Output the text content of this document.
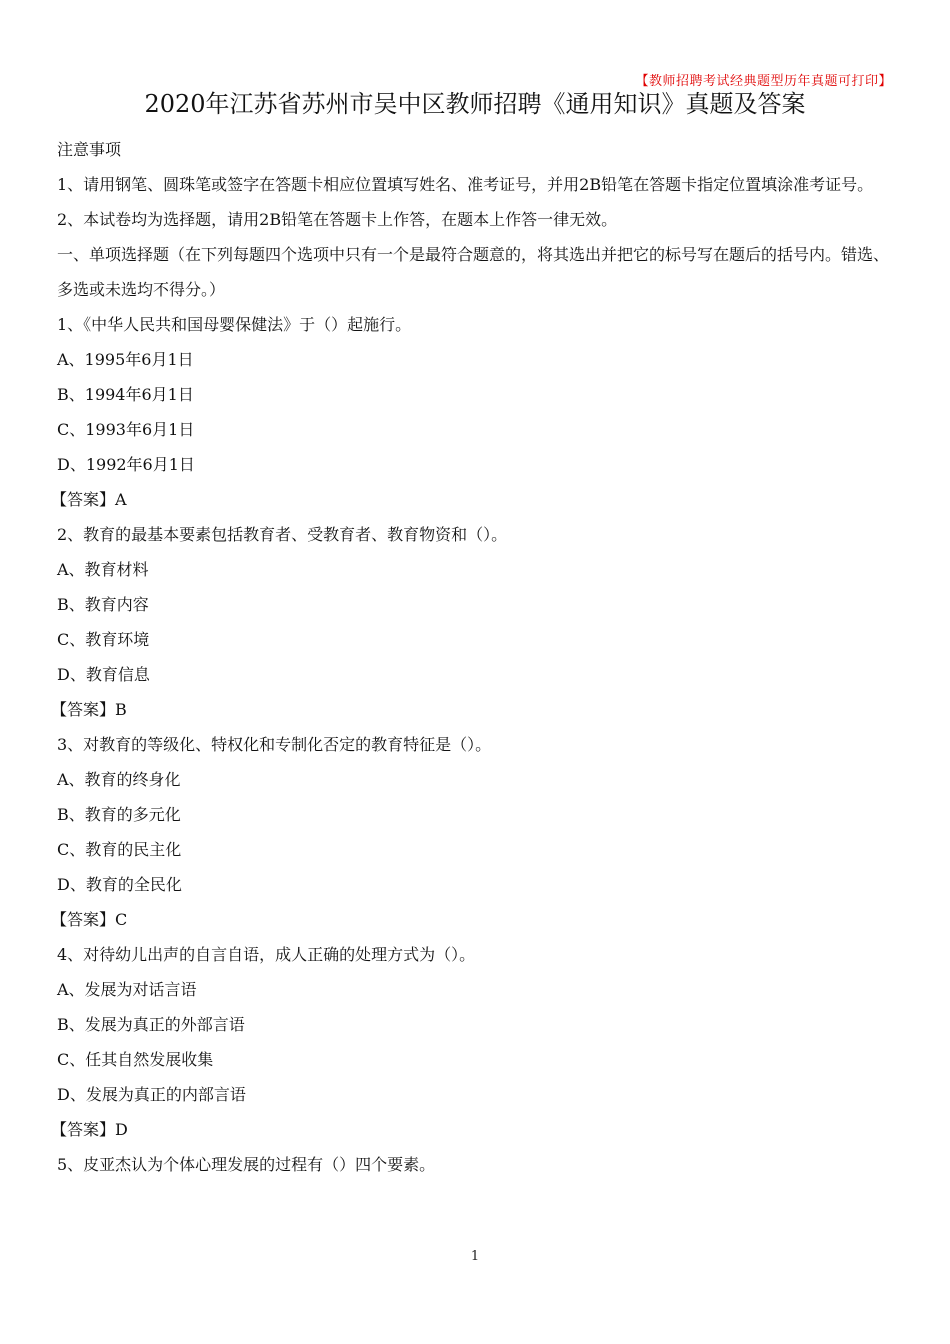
【教师招聘考试经典题型历年真题可打印】
2020年江苏省苏州市吴中区教师招聘《通用知识》真题及答案

注意事项

1、请用钢笔、圆珠笔或签字在答题卡相应位置填写姓名、准考证号，并用2B铅笔在答题卡指定位置填涂准考证号。

2、本试卷均为选择题，请用2B铅笔在答题卡上作答，在题本上作答一律无效。

一、单项选择题（在下列每题四个选项中只有一个是最符合题意的，将其选出并把它的标号写在题后的括号内。错选、多选或未选均不得分。）

1、《中华人民共和国母婴保健法》于（）起施行。

A、1995年6月1日

B、1994年6月1日

C、1993年6月1日

D、1992年6月1日

【答案】A

2、教育的最基本要素包括教育者、受教育者、教育物资和（）。

A、教育材料

B、教育内容

C、教育环境

D、教育信息

【答案】B

3、对教育的等级化、特权化和专制化否定的教育特征是（）。

A、教育的终身化

B、教育的多元化

C、教育的民主化

D、教育的全民化

【答案】C

4、对待幼儿出声的自言自语，成人正确的处理方式为（）。

A、发展为对话言语

B、发展为真正的外部言语

C、任其自然发展收集

D、发展为真正的内部言语

【答案】D

5、皮亚杰认为个体心理发展的过程有（）四个要素。

1
